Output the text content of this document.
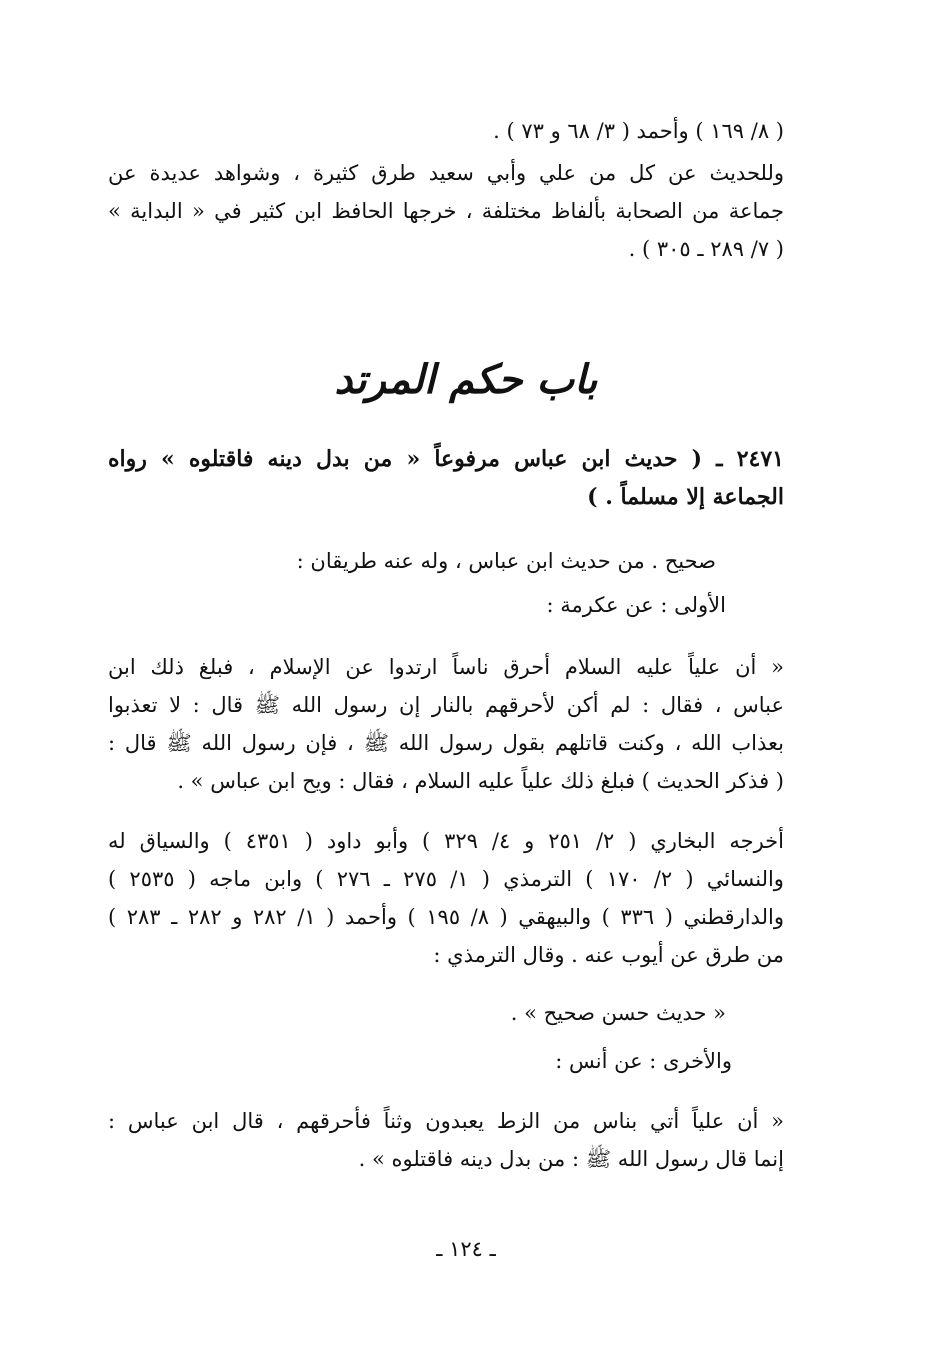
( ٨/ ١٦٩ ) وأحمد ( ٣/ ٦٨ و ٧٣ ) .
وللحديث عن كل من علي وأبي سعيد طرق كثيرة ، وشواهد عديدة عن
جماعة من الصحابة بألفاظ مختلفة ، خرجها الحافظ ابن كثير في « البداية »
( ٧/ ٢٨٩ ـ ٣٠٥ ) .
باب حكم المرتد
٢٤٧١ ـ ( حديث ابن عباس مرفوعاً « من بدل دينه فاقتلوه » رواه
الجماعة إلا مسلماً . )
صحيح . من حديث ابن عباس ، وله عنه طريقان :
الأولى : عن عكرمة :
« أن علياً عليه السلام أحرق ناساً ارتدوا عن الإسلام ، فبلغ ذلك ابن
عباس ، فقال : لم أكن لأحرقهم بالنار إن رسول الله ﷺ قال : لا تعذبوا
بعذاب الله ، وكنت قاتلهم بقول رسول الله ﷺ ، فإن رسول الله ﷺ قال :
( فذكر الحديث ) فبلغ ذلك علياً عليه السلام ، فقال : ويح ابن عباس » .
أخرجه البخاري ( ٢/ ٢٥١ و ٤/ ٣٢٩ ) وأبو داود ( ٤٣٥١ ) والسياق له
والنسائي ( ٢/ ١٧٠ ) الترمذي ( ١/ ٢٧٥ ـ ٢٧٦ ) وابن ماجه ( ٢٥٣٥ )
والدارقطني ( ٣٣٦ ) والبيهقي ( ٨/ ١٩٥ ) وأحمد ( ١/ ٢٨٢ و ٢٨٢ ـ ٢٨٣ )
من طرق عن أيوب عنه . وقال الترمذي :
« حديث حسن صحيح » .
والأخرى : عن أنس :
« أن علياً أتي بناس من الزط يعبدون وثناً فأحرقهم ، قال ابن عباس :
إنما قال رسول الله ﷺ : من بدل دينه فاقتلوه » .
ـ ١٢٤ ـ
